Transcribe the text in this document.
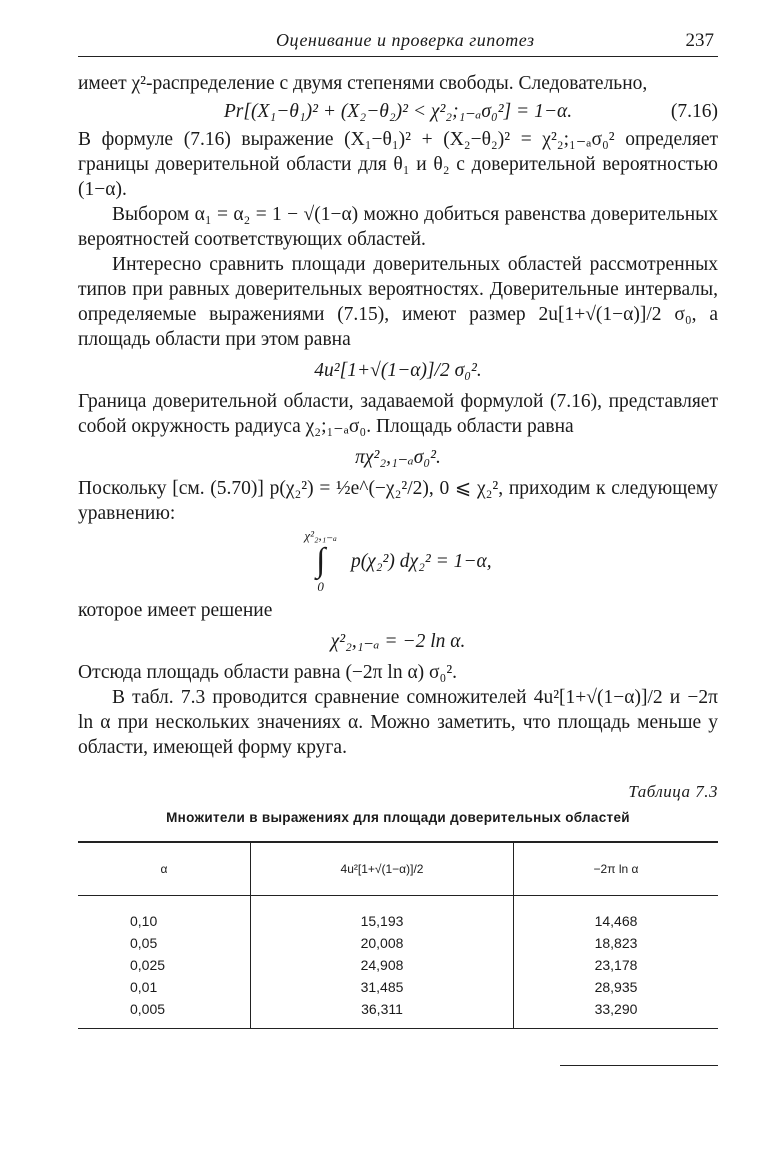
Оценивание и проверка гипотез	237

имеет χ²-распределение с двумя степенями свободы. Следовательно,

Pr[(X₁−θ₁)² + (X₂−θ₂)² < χ²₂;₁₋ₐσ₀²] = 1−α.	(7.16)

В формуле (7.16) выражение (X₁−θ₁)² + (X₂−θ₂)² = χ²₂;₁₋ₐσ₀² определяет границы доверительной области для θ₁ и θ₂ с доверительной вероятностью (1−α).

Выбором α₁ = α₂ = 1 − √(1−α) можно добиться равенства доверительных вероятностей соответствующих областей.

Интересно сравнить площади доверительных областей рассмотренных типов при равных доверительных вероятностях. Доверительные интервалы, определяемые выражениями (7.15), имеют размер 2u[1+√(1−α)]/2 σ₀, а площадь области при этом равна

4u²[1+√(1−α)]/2 σ₀².

Граница доверительной области, задаваемой формулой (7.16), представляет собой окружность радиуса χ₂;₁₋ₐσ₀. Площадь области равна

πχ²₂,₁₋ₐσ₀².

Поскольку [см. (5.70)] p(χ₂²) = ½e^(−χ₂²/2), 0 ⩽ χ₂², приходим к следующему уравнению:

χ²₂,₁₋ₐ
∫
0
p(χ₂²) dχ₂² = 1−α,

которое имеет решение

χ²₂,₁₋ₐ = −2 ln α.

Отсюда площадь области равна (−2π ln α) σ₀².

В табл. 7.3 проводится сравнение сомножителей 4u²[1+√(1−α)]/2 и −2π ln α при нескольких значениях α. Можно заметить, что площадь меньше у области, имеющей форму круга.

Таблица 7.3
Множители в выражениях для площади доверительных областей
α	4u²[1+√(1−α)]/2	−2π ln α

0,10	15,193	14,468
0,05	20,008	18,823
0,025	24,908	23,178
0,01	31,485	28,935
0,005	36,311	33,290
